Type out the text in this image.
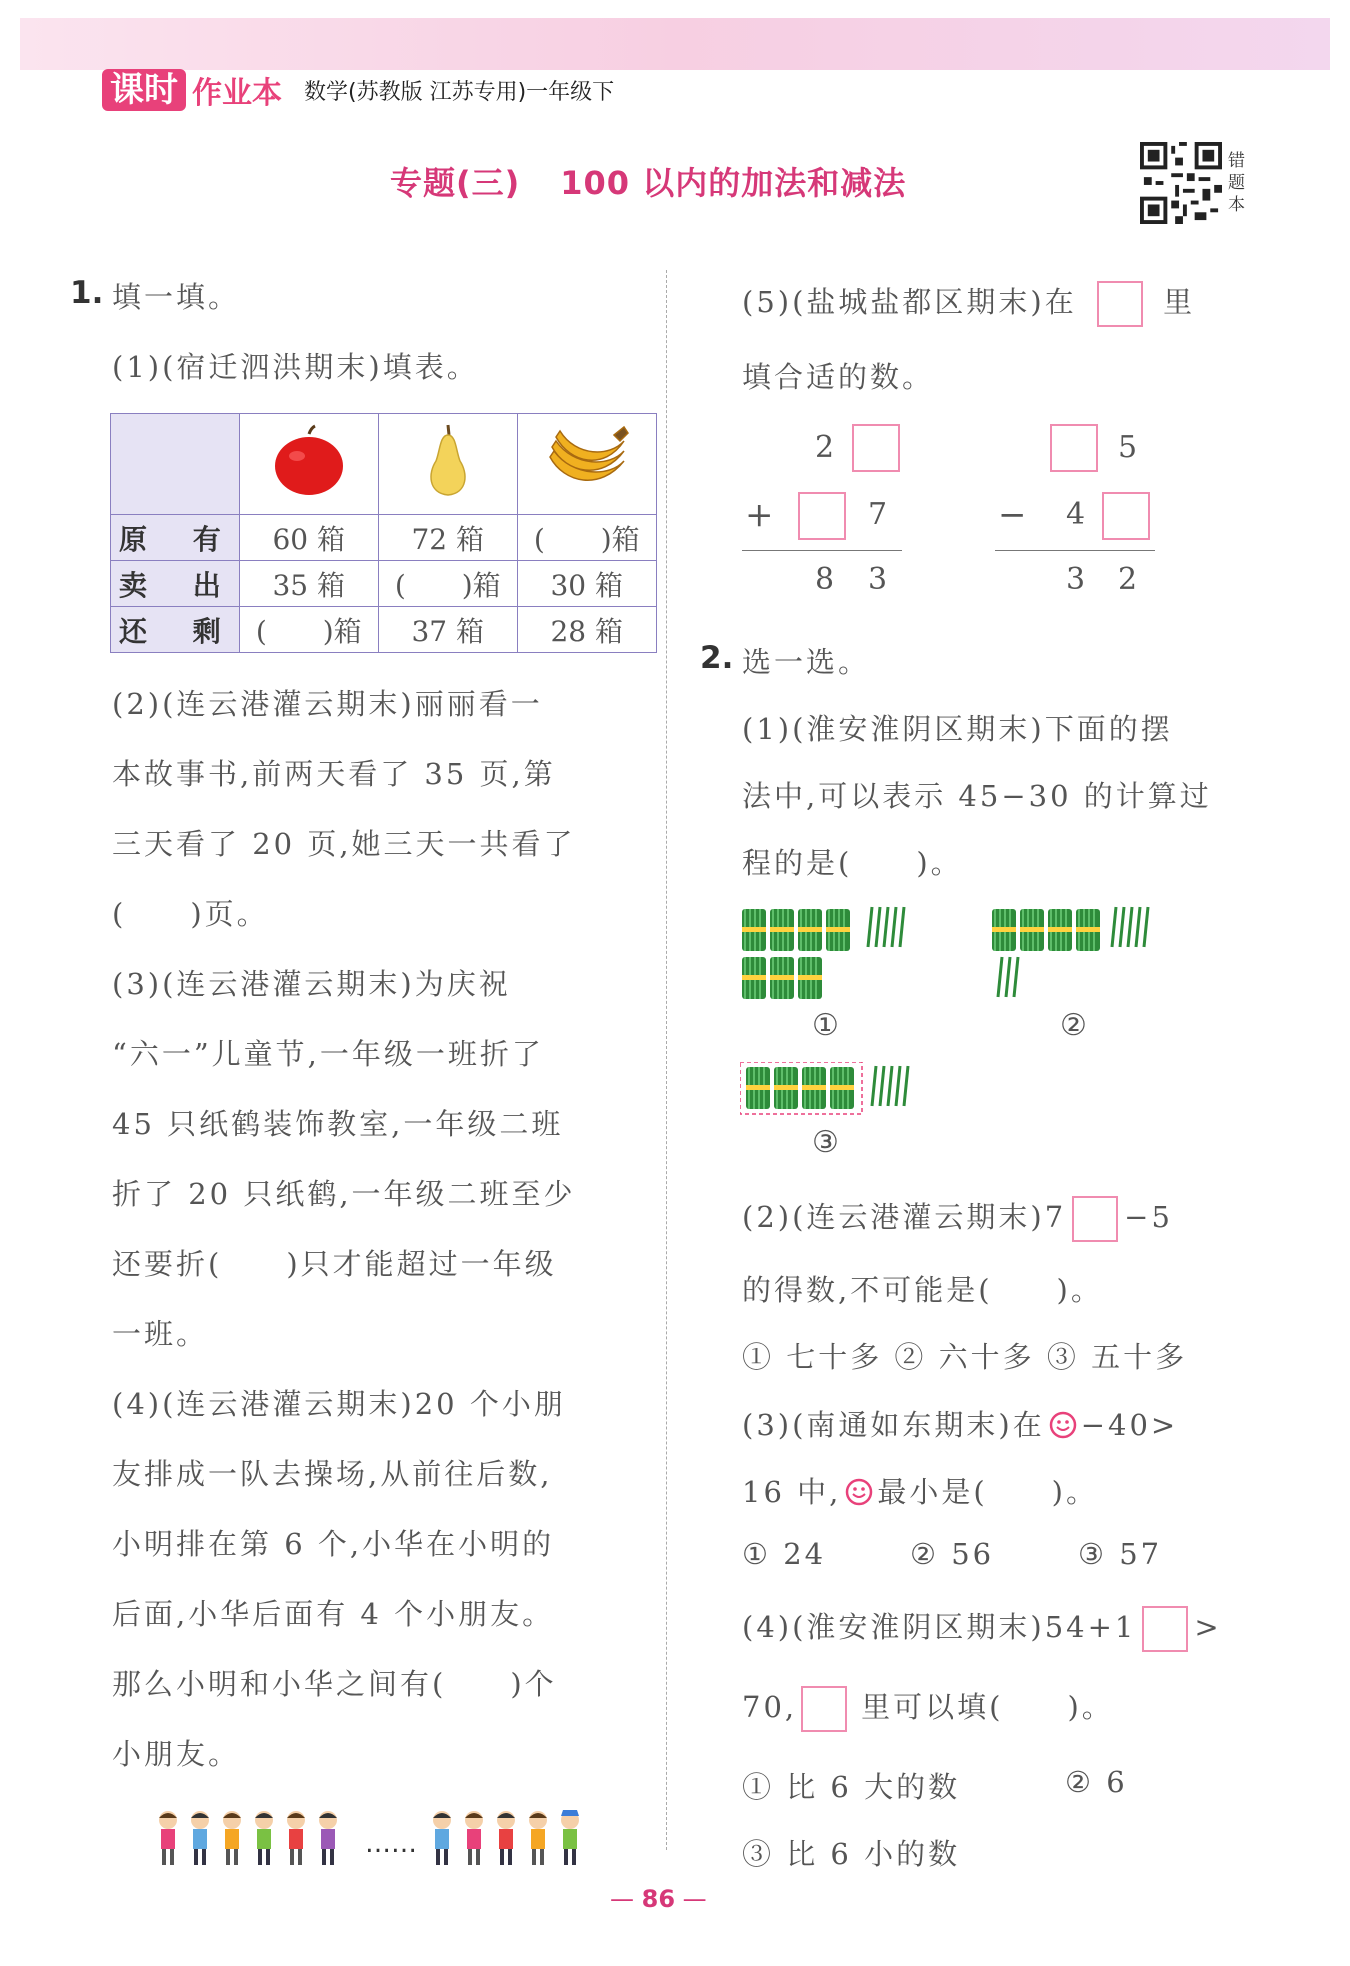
课时 作业本 数学(苏教版 江苏专用)一年级下
专题(三) 100 以内的加法和减法
错题本
1. 填一填。
(1)(宿迁泗洪期末)填表。

原 有	60 箱	72 箱	(　　)箱
卖 出	35 箱	(　　)箱	30 箱
还 剩	(　　)箱	37 箱	28 箱
(2)(连云港灌云期末)丽丽看一
本故事书,前两天看了 35 页,第
三天看了 20 页,她三天一共看了
(　　)页。
(3)(连云港灌云期末)为庆祝
“六一”儿童节,一年级一班折了
45 只纸鹤装饰教室,一年级二班
折了 20 只纸鹤,一年级二班至少
还要折(　　)只才能超过一年级
一班。
(4)(连云港灌云期末)20 个小朋
友排成一队去操场,从前往后数,
小明排在第 6 个,小华在小明的
后面,小华后面有 4 个小朋友。
那么小明和小华之间有(　　)个
小朋友。
……
(5)(盐城盐都区期末)在	里
填合适的数。
2
+	7
8 3
5
− 4
3 2
2. 选一选。
(1)(淮安淮阴区期末)下面的摆
法中,可以表示 45−30 的计算过
程的是(　　)。
①	②
③
(2)(连云港灌云期末)7 −5
的得数,不可能是(　　)。
① 七十多 ② 六十多 ③ 五十多
(3)(南通如东期末)在 −40>
16 中, 最小是(　　)。
① 24	② 56	③ 57
(4)(淮安淮阴区期末)54+1 >
70, 里可以填(　　)。
① 比 6 大的数	② 6
③ 比 6 小的数
— 86 —
